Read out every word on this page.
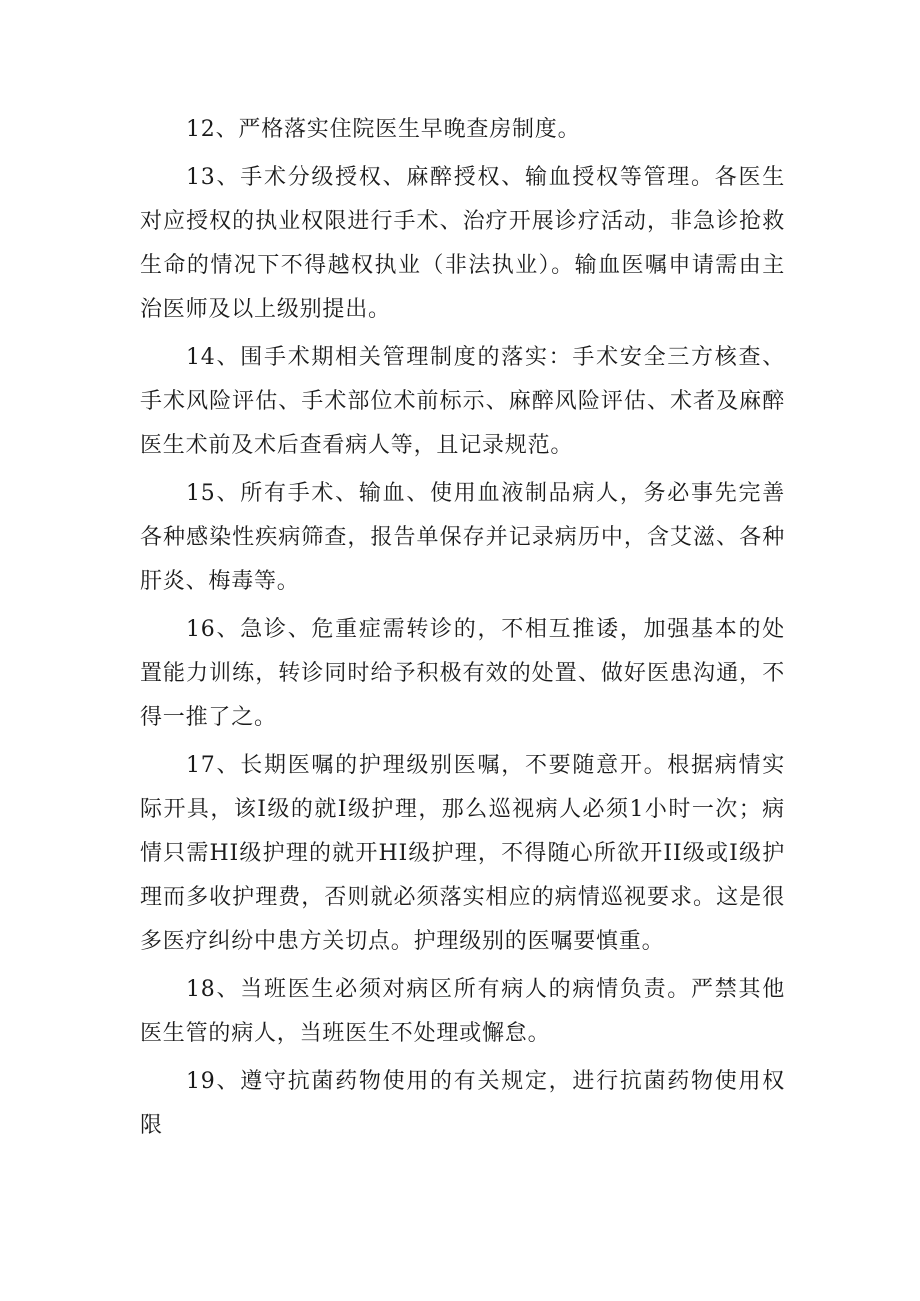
12、严格落实住院医生早晚查房制度。

13、手术分级授权、麻醉授权、输血授权等管理。各医生对应授权的执业权限进行手术、治疗开展诊疗活动，非急诊抢救生命的情况下不得越权执业（非法执业）。输血医嘱申请需由主治医师及以上级别提出。

14、围手术期相关管理制度的落实：手术安全三方核查、手术风险评估、手术部位术前标示、麻醉风险评估、术者及麻醉医生术前及术后查看病人等，且记录规范。

15、所有手术、输血、使用血液制品病人，务必事先完善各种感染性疾病筛查，报告单保存并记录病历中，含艾滋、各种肝炎、梅毒等。

16、急诊、危重症需转诊的，不相互推诿，加强基本的处置能力训练，转诊同时给予积极有效的处置、做好医患沟通，不得一推了之。

17、长期医嘱的护理级别医嘱，不要随意开。根据病情实际开具，该I级的就I级护理，那么巡视病人必须1小时一次；病情只需HI级护理的就开HI级护理，不得随心所欲开II级或I级护理而多收护理费，否则就必须落实相应的病情巡视要求。这是很多医疗纠纷中患方关切点。护理级别的医嘱要慎重。

18、当班医生必须对病区所有病人的病情负责。严禁其他医生管的病人，当班医生不处理或懈怠。

19、遵守抗菌药物使用的有关规定，进行抗菌药物使用权限
